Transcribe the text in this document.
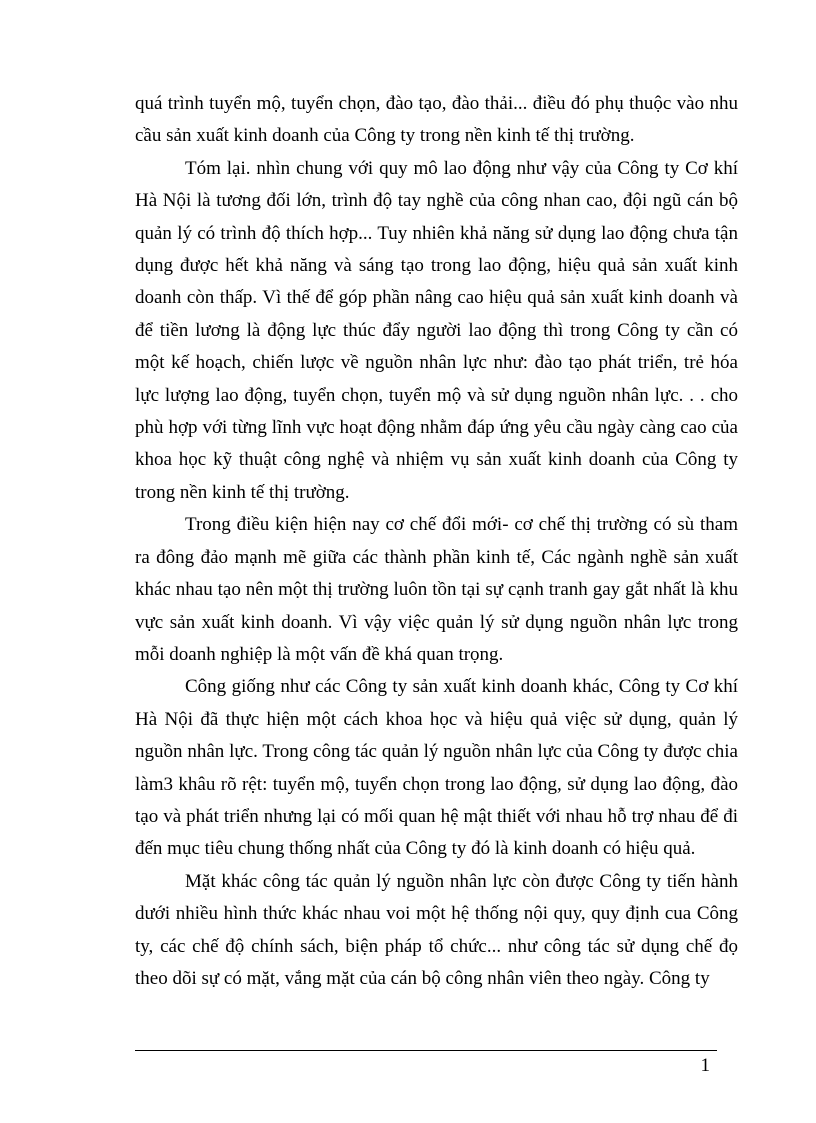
quá trình tuyển mộ, tuyển chọn, đào tạo, đào thải... điều đó phụ thuộc vào nhu cầu sản xuất kinh doanh của Công ty trong nền kinh tế thị trường.

Tóm lại. nhìn chung với quy mô lao động như vậy của Công ty Cơ khí Hà Nội là tương đối lớn, trình độ tay nghề của công nhan cao, đội ngũ cán bộ quản lý có trình độ thích hợp... Tuy nhiên khả năng sử dụng lao động chưa tận dụng được hết khả năng và sáng tạo trong lao động, hiệu quả sản xuất kinh doanh còn thấp. Vì thế để góp phần nâng cao hiệu quả sản xuất kinh doanh và để tiền lương là động lực thúc đẩy người lao động thì trong Công ty cần có một kế hoạch, chiến lược về nguồn nhân lực như: đào tạo phát triển, trẻ hóa lực lượng lao động, tuyển chọn, tuyển mộ và sử dụng nguồn nhân lực. . . cho phù hợp với từng lĩnh vực hoạt động nhằm đáp ứng yêu cầu ngày càng cao của khoa học kỹ thuật công nghệ và nhiệm vụ sản xuất kinh doanh của Công ty trong nền kinh tế thị trường.

Trong điều kiện hiện nay cơ chế đổi mới- cơ chế thị trường có sù tham ra đông đảo mạnh mẽ giữa các thành phần kinh tế, Các ngành nghề sản xuất khác nhau tạo nên một thị trường luôn tồn tại sự cạnh tranh gay gắt nhất là khu vực sản xuất kinh doanh. Vì vậy việc quản lý sử dụng nguồn nhân lực trong mỗi doanh nghiệp là một vấn đề khá quan trọng.

Công giống như các Công ty sản xuất kinh doanh khác, Công ty Cơ khí Hà Nội đã thực hiện một cách khoa học và hiệu quả việc sử dụng, quản lý nguồn nhân lực. Trong công tác quản lý nguồn nhân lực của Công ty được chia làm3 khâu rõ rệt: tuyển mộ, tuyển chọn trong lao động, sử dụng lao động, đào tạo và phát triển nhưng lại có mối quan hệ mật thiết với nhau hỗ trợ nhau để đi đến mục tiêu chung thống nhất của Công ty đó là kinh doanh có hiệu quả.

Mặt khác công tác quản lý nguồn nhân lực còn được Công ty tiến hành dưới nhiều hình thức khác nhau voi một hệ thống nội quy, quy định cua Công ty, các chế độ chính sách, biện pháp tổ chức... như công tác sử dụng chế đọ theo dõi sự có mặt, vắng mặt của cán bộ công nhân viên theo ngày. Công ty

1
